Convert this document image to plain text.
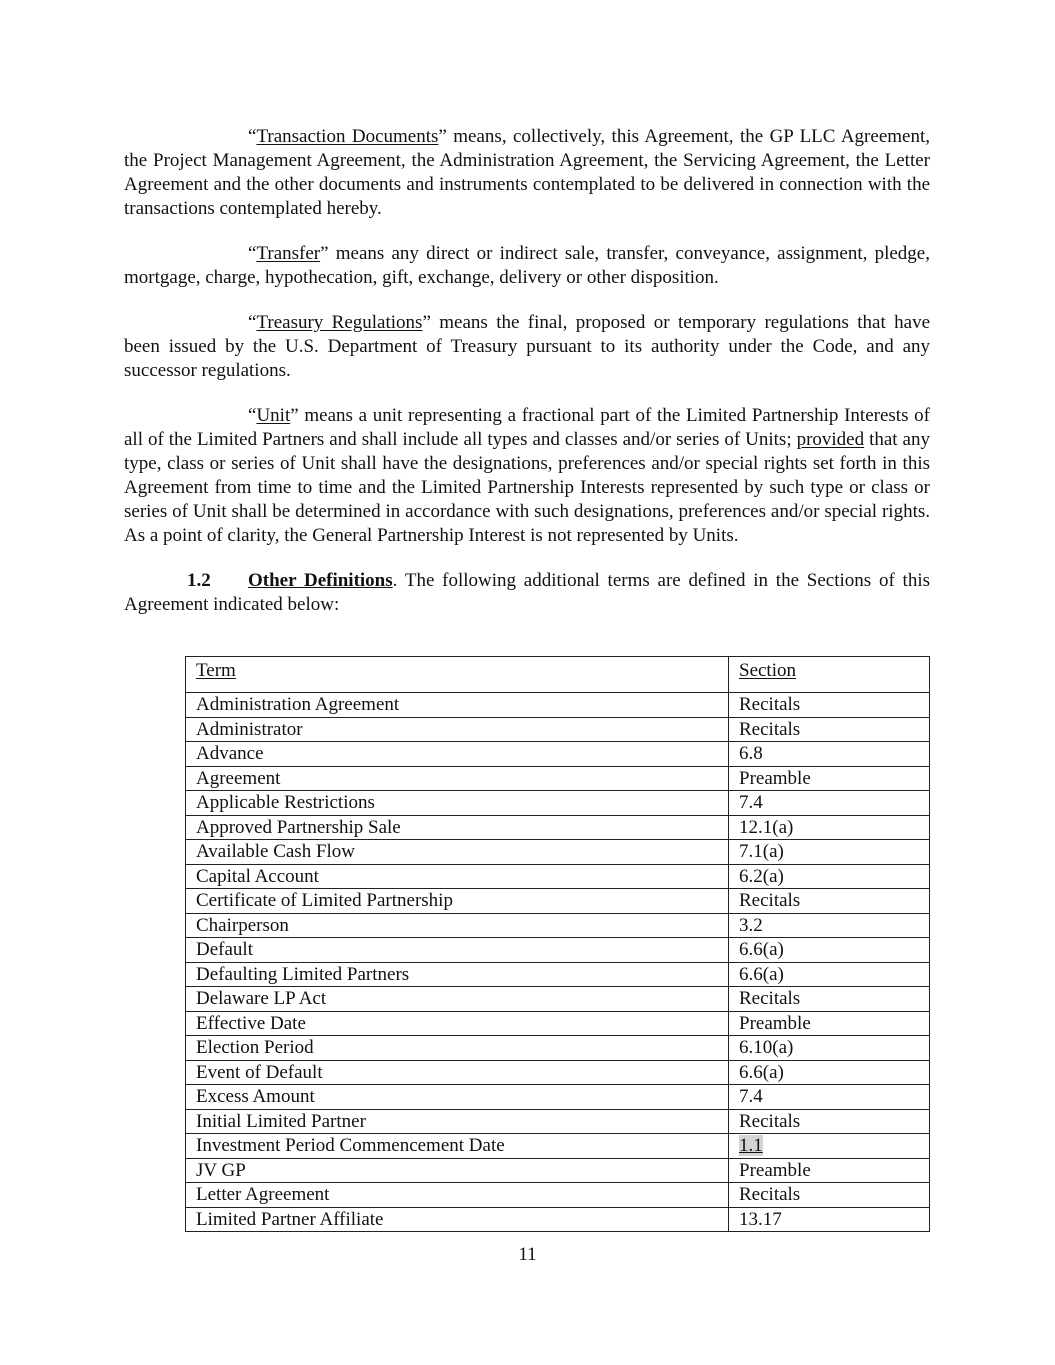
“Transaction Documents” means, collectively, this Agreement, the GP LLC Agreement, the Project Management Agreement, the Administration Agreement, the Servicing Agreement, the Letter Agreement and the other documents and instruments contemplated to be delivered in connection with the transactions contemplated hereby.

“Transfer” means any direct or indirect sale, transfer, conveyance, assignment, pledge, mortgage, charge, hypothecation, gift, exchange, delivery or other disposition.

“Treasury Regulations” means the final, proposed or temporary regulations that have been issued by the U.S. Department of Treasury pursuant to its authority under the Code, and any successor regulations.

“Unit” means a unit representing a fractional part of the Limited Partnership Interests of all of the Limited Partners and shall include all types and classes and/or series of Units; provided that any type, class or series of Unit shall have the designations, preferences and/or special rights set forth in this Agreement from time to time and the Limited Partnership Interests represented by such type or class or series of Unit shall be determined in accordance with such designations, preferences and/or special rights. As a point of clarity, the General Partnership Interest is not represented by Units.

1.2 Other Definitions. The following additional terms are defined in the Sections of this Agreement indicated below:

Term	Section
Administration Agreement	Recitals
Administrator	Recitals
Advance	6.8
Agreement	Preamble
Applicable Restrictions	7.4
Approved Partnership Sale	12.1(a)
Available Cash Flow	7.1(a)
Capital Account	6.2(a)
Certificate of Limited Partnership	Recitals
Chairperson	3.2
Default	6.6(a)
Defaulting Limited Partners	6.6(a)
Delaware LP Act	Recitals
Effective Date	Preamble
Election Period	6.10(a)
Event of Default	6.6(a)
Excess Amount	7.4
Initial Limited Partner	Recitals
Investment Period Commencement Date	1.1
JV GP	Preamble
Letter Agreement	Recitals
Limited Partner Affiliate	13.17
11
